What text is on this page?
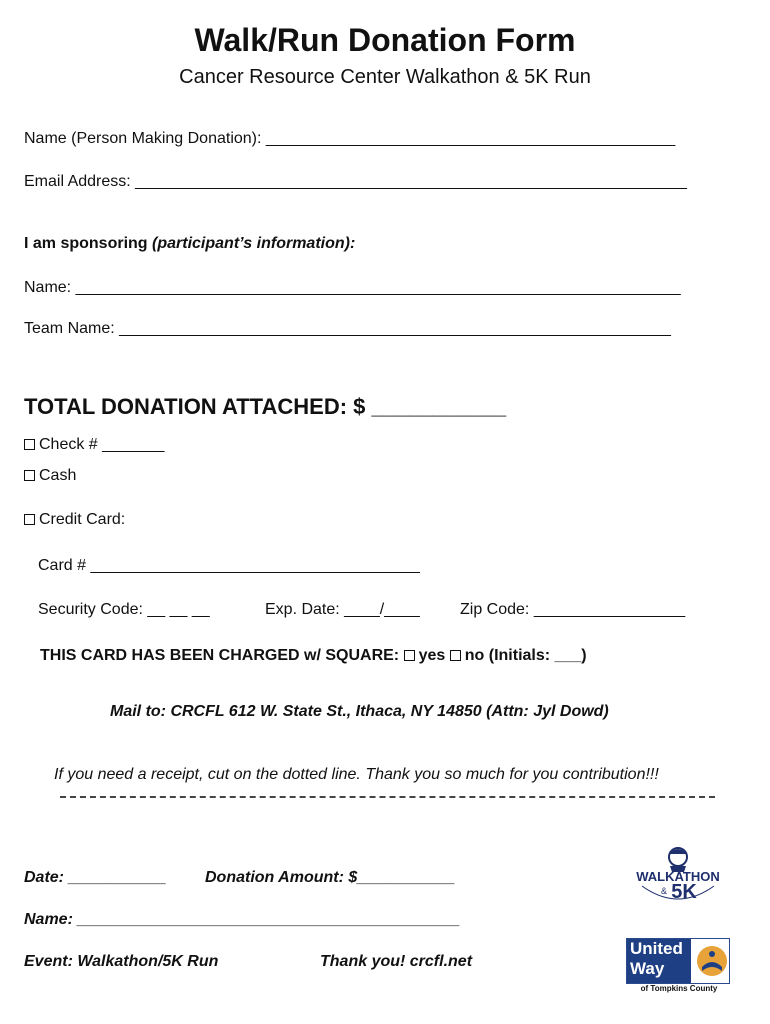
Walk/Run Donation Form
Cancer Resource Center Walkathon & 5K Run
Name (Person Making Donation): ______________________________________________
Email Address: ______________________________________________________________
I am sponsoring (participant’s information):
Name: ____________________________________________________________________
Team Name: ______________________________________________________________
TOTAL DONATION ATTACHED: $ ___________
Check # _______
Cash
Credit Card:
Card # _____________________________________
Security Code: __ __ __	Exp. Date: ____/____	Zip Code: _________________
THIS CARD HAS BEEN CHARGED w/ SQUARE: yes no (Initials: ___)
Mail to: CRCFL 612 W. State St., Ithaca, NY 14850 (Attn: Jyl Dowd)
If you need a receipt, cut on the dotted line. Thank you so much for you contribution!!!
Date: ___________ Donation Amount: $___________
Name: ___________________________________________
Event: Walkathon/5K Run	Thank you! crcfl.net
WALKATHON
& 5K
United
Way
of Tompkins County
